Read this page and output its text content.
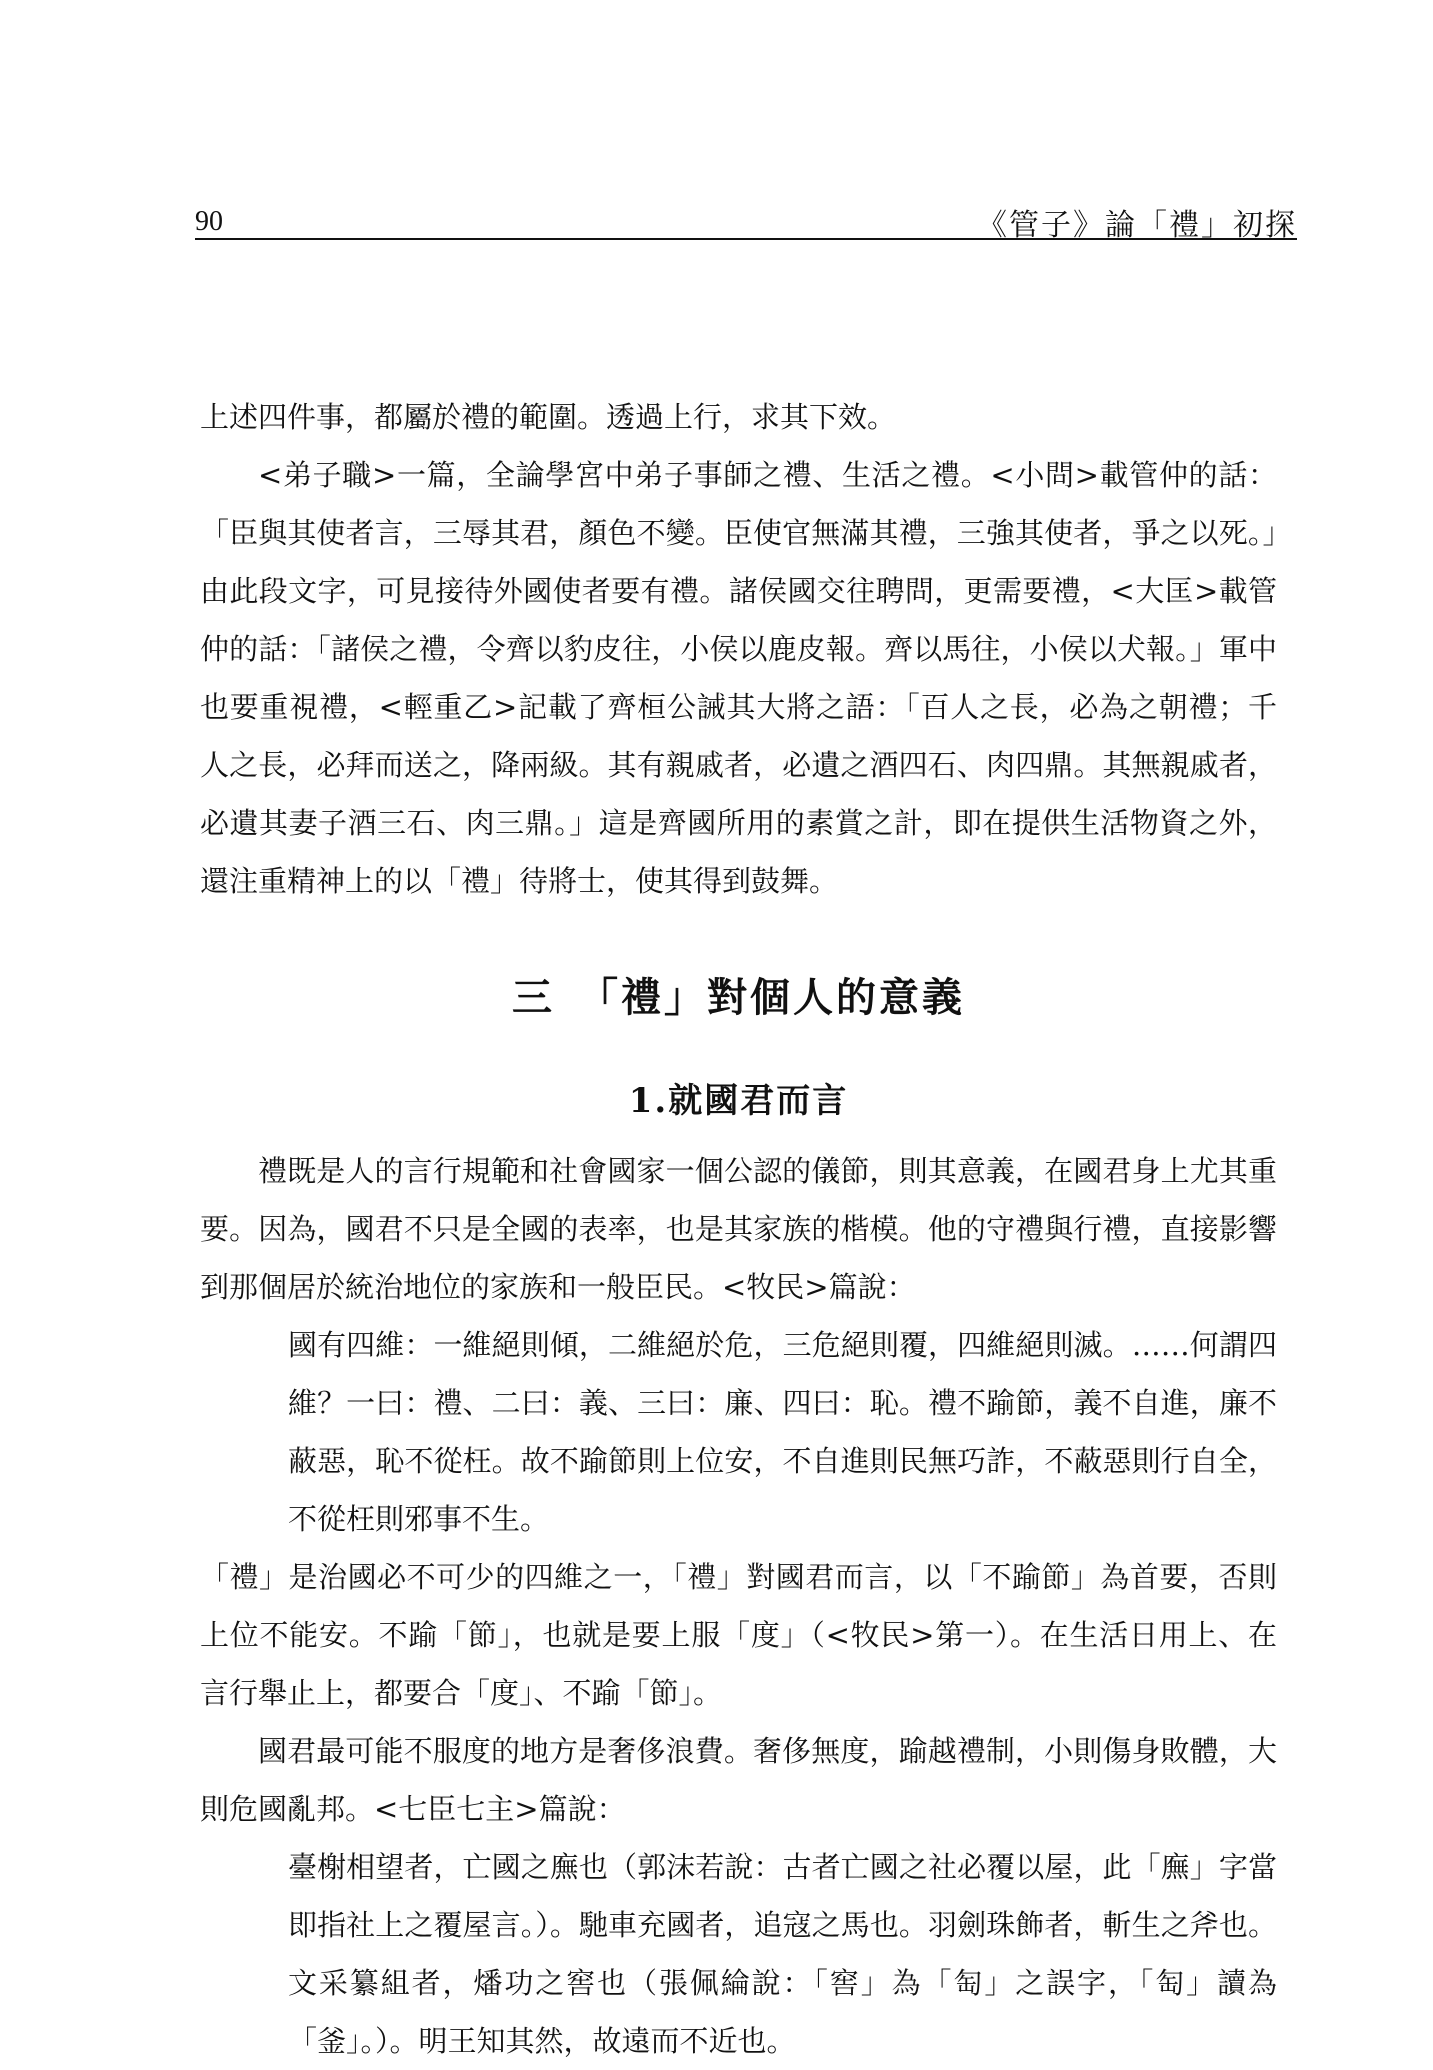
90	《管子》論「禮」初探

上述四件事，都屬於禮的範圍。透過上行，求其下效。

<弟子職>一篇，全論學宮中弟子事師之禮、生活之禮。<小問>載管仲的話：「臣與其使者言，三辱其君，顏色不變。臣使官無滿其禮，三強其使者，爭之以死。」由此段文字，可見接待外國使者要有禮。諸侯國交往聘問，更需要禮，<大匡>載管仲的話：「諸侯之禮，令齊以豹皮往，小侯以鹿皮報。齊以馬往，小侯以犬報。」軍中也要重視禮，<輕重乙>記載了齊桓公誡其大將之語：「百人之長，必為之朝禮；千人之長，必拜而送之，降兩級。其有親戚者，必遺之酒四石、肉四鼎。其無親戚者，必遺其妻子酒三石、肉三鼎。」這是齊國所用的素賞之計，即在提供生活物資之外，還注重精神上的以「禮」待將士，使其得到鼓舞。

三　「禮」對個人的意義
1.就國君而言

禮既是人的言行規範和社會國家一個公認的儀節，則其意義，在國君身上尤其重要。因為，國君不只是全國的表率，也是其家族的楷模。他的守禮與行禮，直接影響到那個居於統治地位的家族和一般臣民。<牧民>篇說：

國有四維：一維絕則傾，二維絕於危，三危絕則覆，四維絕則滅。……何謂四維？一曰：禮、二曰：義、三曰：廉、四曰：恥。禮不踰節，義不自進，廉不蔽惡，恥不從枉。故不踰節則上位安，不自進則民無巧詐，不蔽惡則行自全，不從枉則邪事不生。

「禮」是治國必不可少的四維之一，「禮」對國君而言，以「不踰節」為首要，否則上位不能安。不踰「節」，也就是要上服「度」（<牧民>第一）。在生活日用上、在言行舉止上，都要合「度」、不踰「節」。

國君最可能不服度的地方是奢侈浪費。奢侈無度，踰越禮制，小則傷身敗體，大則危國亂邦。<七臣七主>篇說：

臺榭相望者，亡國之廡也（郭沫若說：古者亡國之社必覆以屋，此「廡」字當即指社上之覆屋言。）。馳車充國者，追寇之馬也。羽劍珠飾者，斬生之斧也。文采纂組者，燔功之窖也（張佩綸說：「窖」為「匋」之誤字，「匋」讀為「釜」。）。明王知其然，故遠而不近也。
